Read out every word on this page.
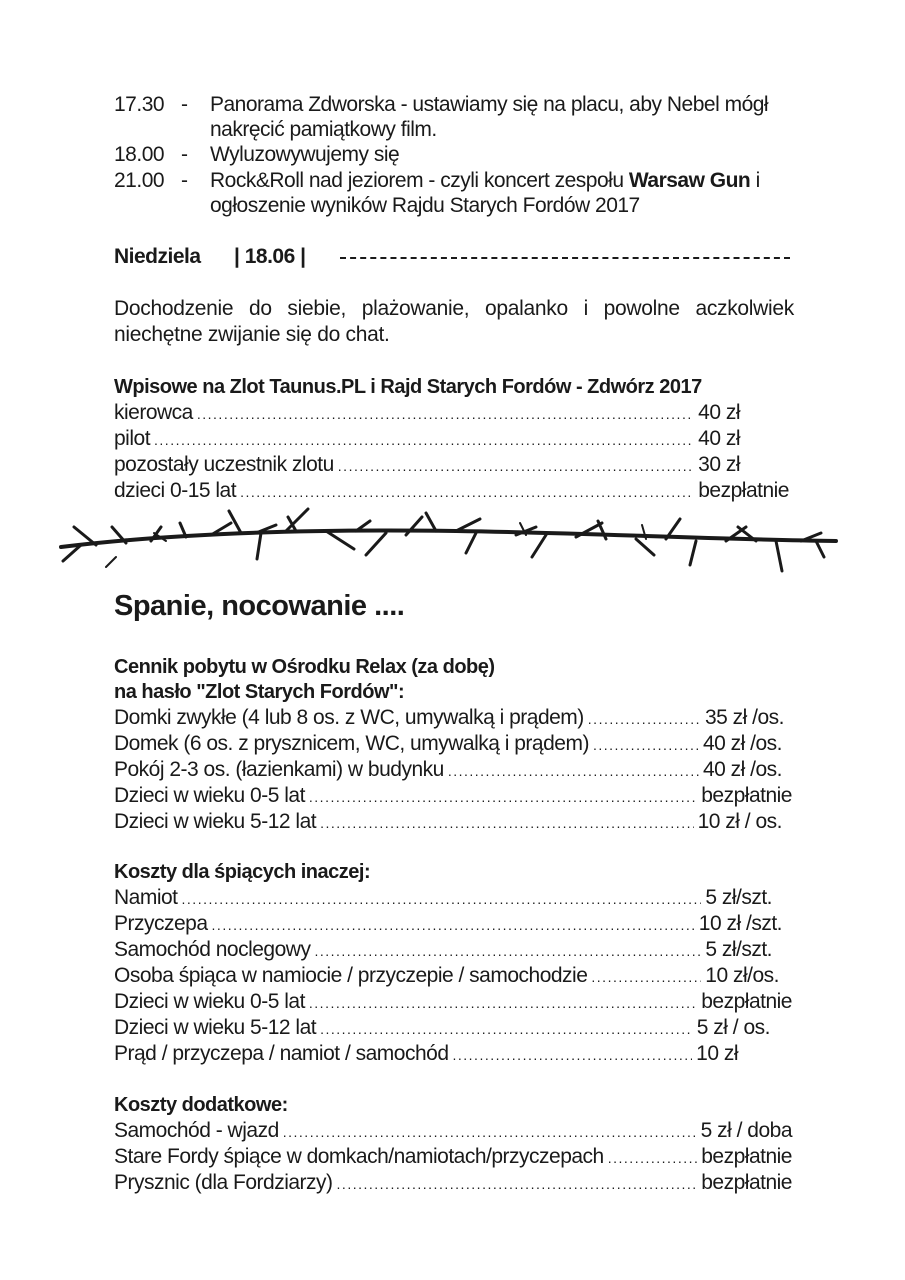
17.30 - Panorama Zdworska - ustawiamy się na placu, aby Nebel mógł nakręcić pamiątkowy film.
18.00 - Wyluzowywujemy się
21.00 - Rock&Roll nad jeziorem - czyli koncert zespołu Warsaw Gun i ogłoszenie wyników Rajdu Starych Fordów 2017
Niedziela | 18.06 |
Dochodzenie do siebie, plażowanie, opalanko i powolne aczkolwiek niechętne zwijanie się do chat.
Wpisowe na Zlot Taunus.PL i Rajd Starych Fordów - Zdwórz 2017
kierowca .....	40 zł
pilot .....	40 zł
pozostały uczestnik zlotu .....	30 zł
dzieci 0-15 lat .....	bezpłatnie
Spanie, nocowanie ....
Cennik pobytu w Ośrodku Relax (za dobę)
na hasło "Zlot Starych Fordów":
Domki zwykłe (4 lub 8 os. z WC, umywalką i prądem) .....	35 zł /os.
Domek (6 os. z prysznicem, WC, umywalką i prądem) .....	40 zł /os.
Pokój 2-3 os. (łazienkami) w budynku .....	40 zł /os.
Dzieci w wieku 0-5 lat .....	bezpłatnie
Dzieci w wieku 5-12 lat .....	10 zł / os.
Koszty dla śpiących inaczej:
Namiot .....	5 zł/szt.
Przyczepa .....	10 zł /szt.
Samochód noclegowy .....	5 zł/szt.
Osoba śpiąca w namiocie / przyczepie / samochodzie .....	10 zł/os.
Dzieci w wieku 0-5 lat .....	bezpłatnie
Dzieci w wieku 5-12 lat .....	5 zł / os.
Prąd / przyczepa / namiot / samochód .....	10 zł
Koszty dodatkowe:
Samochód - wjazd .....	5 zł / doba
Stare Fordy śpiące w domkach/namiotach/przyczepach .....	bezpłatnie
Prysznic (dla Fordziarzy) .....	bezpłatnie
